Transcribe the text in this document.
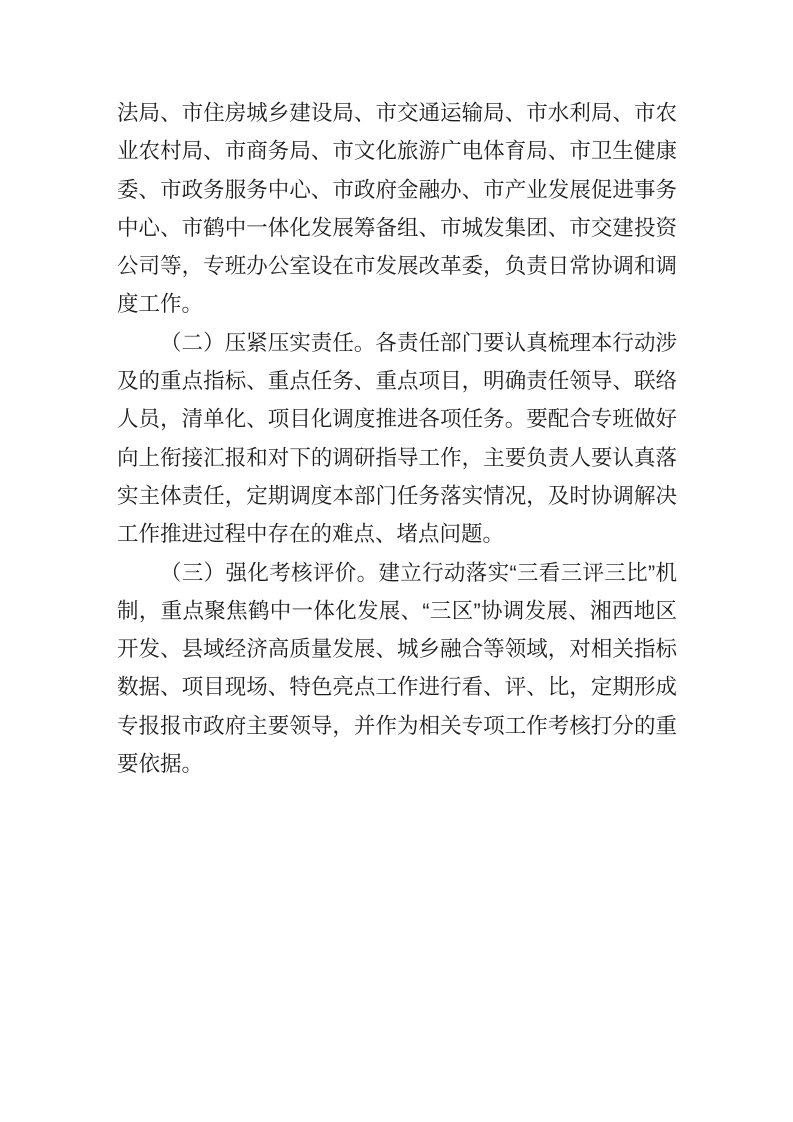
法局、市住房城乡建设局、市交通运输局、市水利局、市农业农村局、市商务局、市文化旅游广电体育局、市卫生健康委、市政务服务中心、市政府金融办、市产业发展促进事务中心、市鹤中一体化发展筹备组、市城发集团、市交建投资公司等，专班办公室设在市发展改革委，负责日常协调和调度工作。

（二）压紧压实责任。各责任部门要认真梳理本行动涉及的重点指标、重点任务、重点项目，明确责任领导、联络人员，清单化、项目化调度推进各项任务。要配合专班做好向上衔接汇报和对下的调研指导工作，主要负责人要认真落实主体责任，定期调度本部门任务落实情况，及时协调解决工作推进过程中存在的难点、堵点问题。

（三）强化考核评价。建立行动落实“三看三评三比”机制，重点聚焦鹤中一体化发展、“三区”协调发展、湘西地区开发、县域经济高质量发展、城乡融合等领域，对相关指标数据、项目现场、特色亮点工作进行看、评、比，定期形成专报报市政府主要领导，并作为相关专项工作考核打分的重要依据。
